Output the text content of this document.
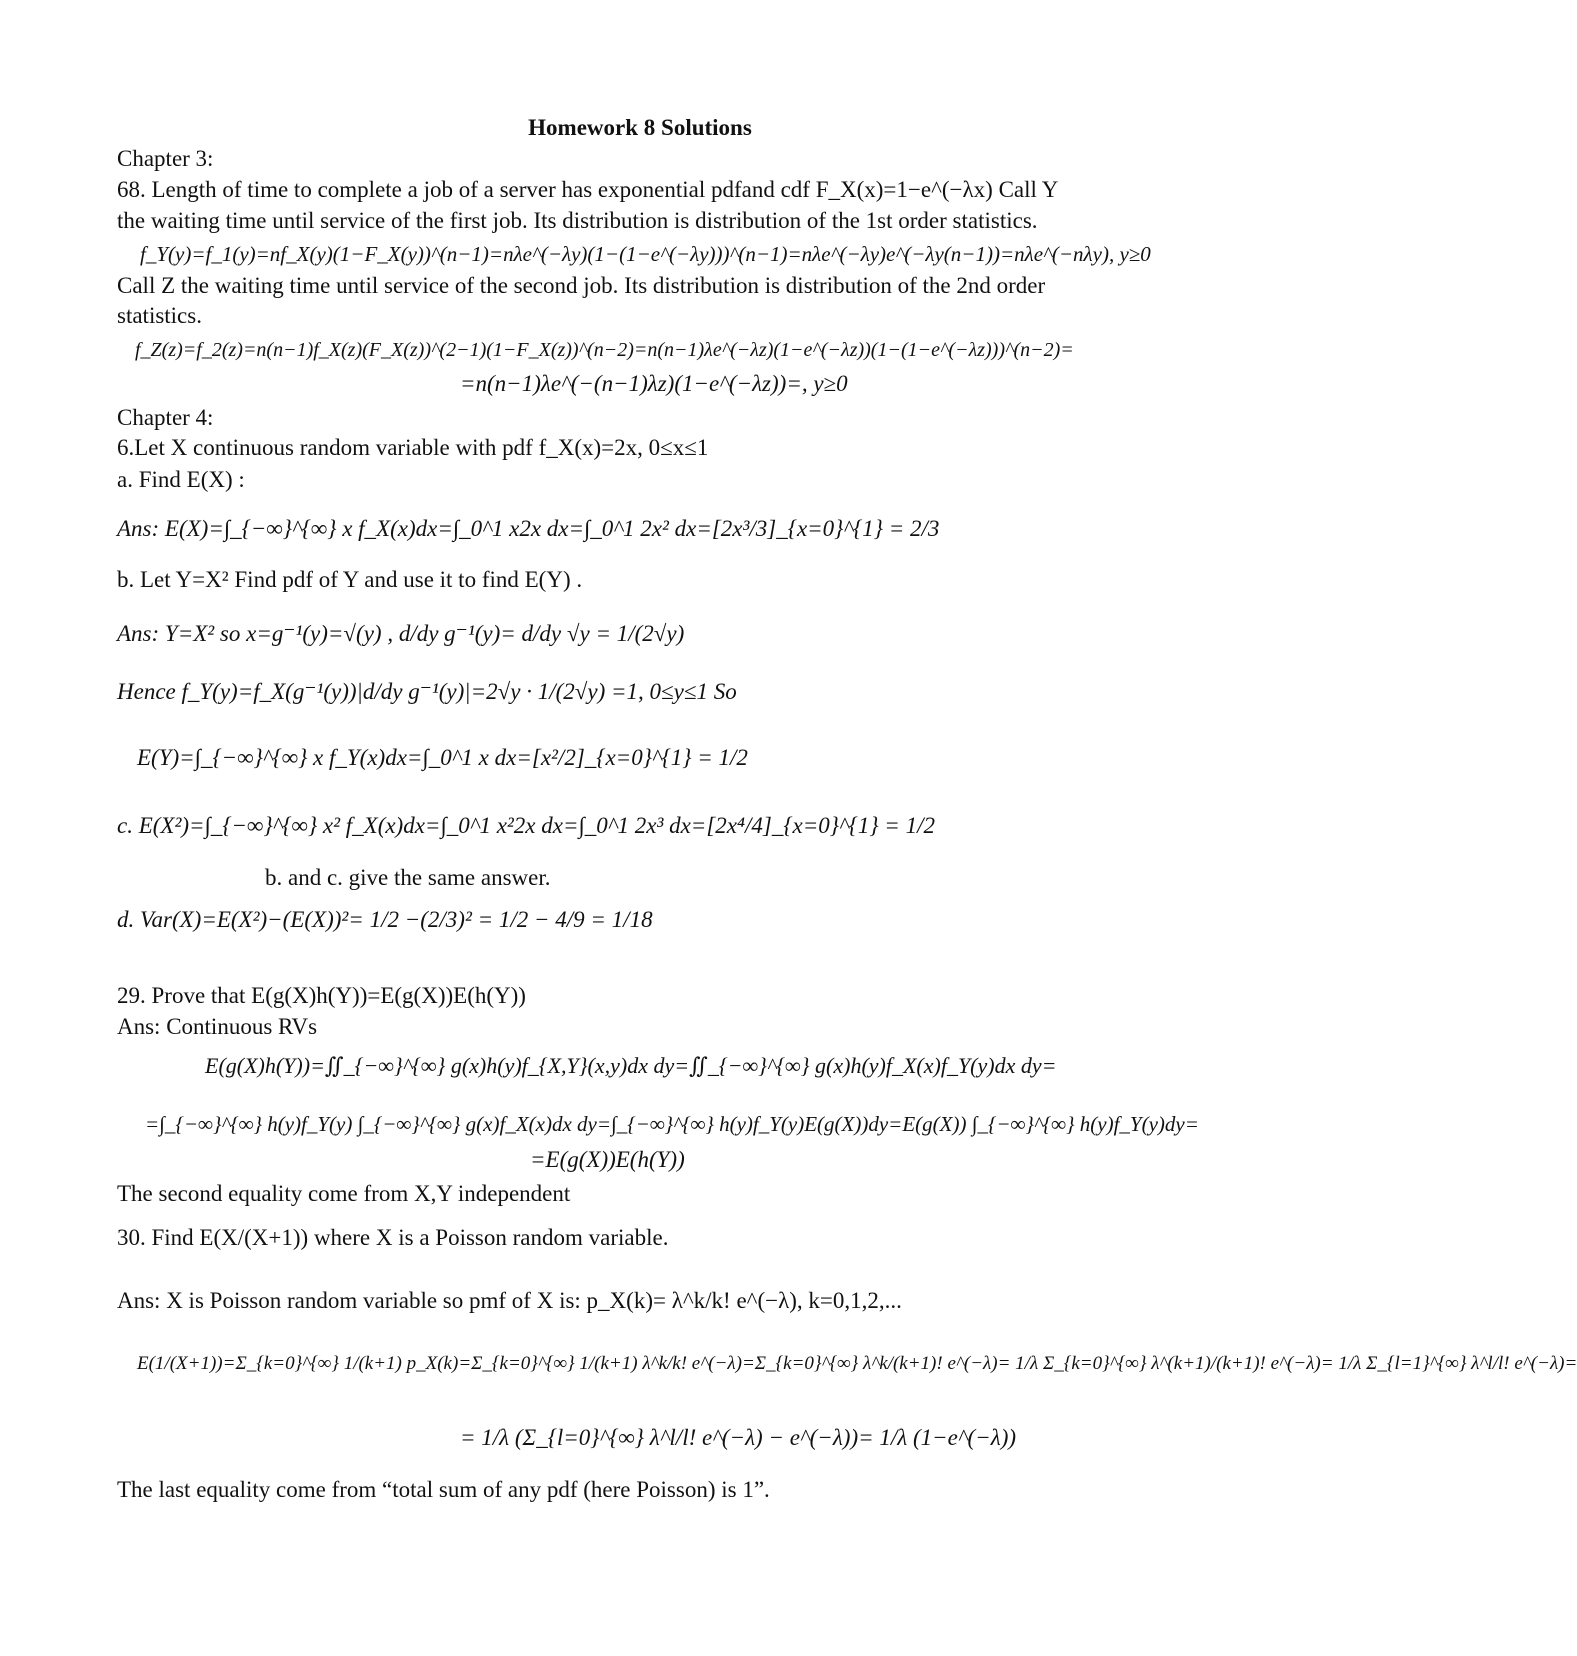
Homework 8 Solutions
Chapter 3:
68. Length of time to complete a job of a server has exponential pdfand cdf F_X(x)=1−e^(−λx) Call Y
the waiting time until service of the first job. Its distribution is distribution of the 1st order statistics.
f_Y(y)=f_1(y)=nf_X(y)(1−F_X(y))^(n−1)=nλe^(−λy)(1−(1−e^(−λy)))^(n−1)=nλe^(−λy)e^(−λy(n−1))=nλe^(−nλy), y≥0
Call Z the waiting time until service of the second job. Its distribution is distribution of the 2nd order
statistics.
f_Z(z)=f_2(z)=n(n−1)f_X(z)(F_X(z))^(2−1)(1−F_X(z))^(n−2)=n(n−1)λe^(−λz)(1−e^(−λz))(1−(1−e^(−λz)))^(n−2)=
=n(n−1)λe^(−(n−1)λz)(1−e^(−λz))=, y≥0
Chapter 4:
6.Let X continuous random variable with pdf f_X(x)=2x, 0≤x≤1
a. Find E(X) :
Ans: E(X)=∫_{−∞}^{∞} x f_X(x)dx=∫_0^1 x2x dx=∫_0^1 2x² dx=[2x³/3]_{x=0}^{1} = 2/3
b. Let Y=X² Find pdf of Y and use it to find E(Y) .
Ans: Y=X² so x=g⁻¹(y)=√(y) , d/dy g⁻¹(y)= d/dy √y = 1/(2√y)
Hence f_Y(y)=f_X(g⁻¹(y))|d/dy g⁻¹(y)|=2√y · 1/(2√y) =1, 0≤y≤1 So
E(Y)=∫_{−∞}^{∞} x f_Y(x)dx=∫_0^1 x dx=[x²/2]_{x=0}^{1} = 1/2
c. E(X²)=∫_{−∞}^{∞} x² f_X(x)dx=∫_0^1 x²2x dx=∫_0^1 2x³ dx=[2x⁴/4]_{x=0}^{1} = 1/2
b. and c. give the same answer.
d. Var(X)=E(X²)−(E(X))²= 1/2 −(2/3)² = 1/2 − 4/9 = 1/18
29. Prove that E(g(X)h(Y))=E(g(X))E(h(Y))
Ans: Continuous RVs
E(g(X)h(Y))=∬_{−∞}^{∞} g(x)h(y)f_{X,Y}(x,y)dx dy=∬_{−∞}^{∞} g(x)h(y)f_X(x)f_Y(y)dx dy=
=∫_{−∞}^{∞} h(y)f_Y(y) ∫_{−∞}^{∞} g(x)f_X(x)dx dy=∫_{−∞}^{∞} h(y)f_Y(y)E(g(X))dy=E(g(X)) ∫_{−∞}^{∞} h(y)f_Y(y)dy=
=E(g(X))E(h(Y))
The second equality come from X,Y independent
30. Find E(X/(X+1)) where X is a Poisson random variable.
Ans: X is Poisson random variable so pmf of X is: p_X(k)= λ^k/k! e^(−λ), k=0,1,2,...
E(1/(X+1))=Σ_{k=0}^{∞} 1/(k+1) p_X(k)=Σ_{k=0}^{∞} 1/(k+1) λ^k/k! e^(−λ)=Σ_{k=0}^{∞} λ^k/(k+1)! e^(−λ)= 1/λ Σ_{k=0}^{∞} λ^(k+1)/(k+1)! e^(−λ)= 1/λ Σ_{l=1}^{∞} λ^l/l! e^(−λ)=
= 1/λ (Σ_{l=0}^{∞} λ^l/l! e^(−λ) − e^(−λ))= 1/λ (1−e^(−λ))
The last equality come from “total sum of any pdf (here Poisson) is 1”.
